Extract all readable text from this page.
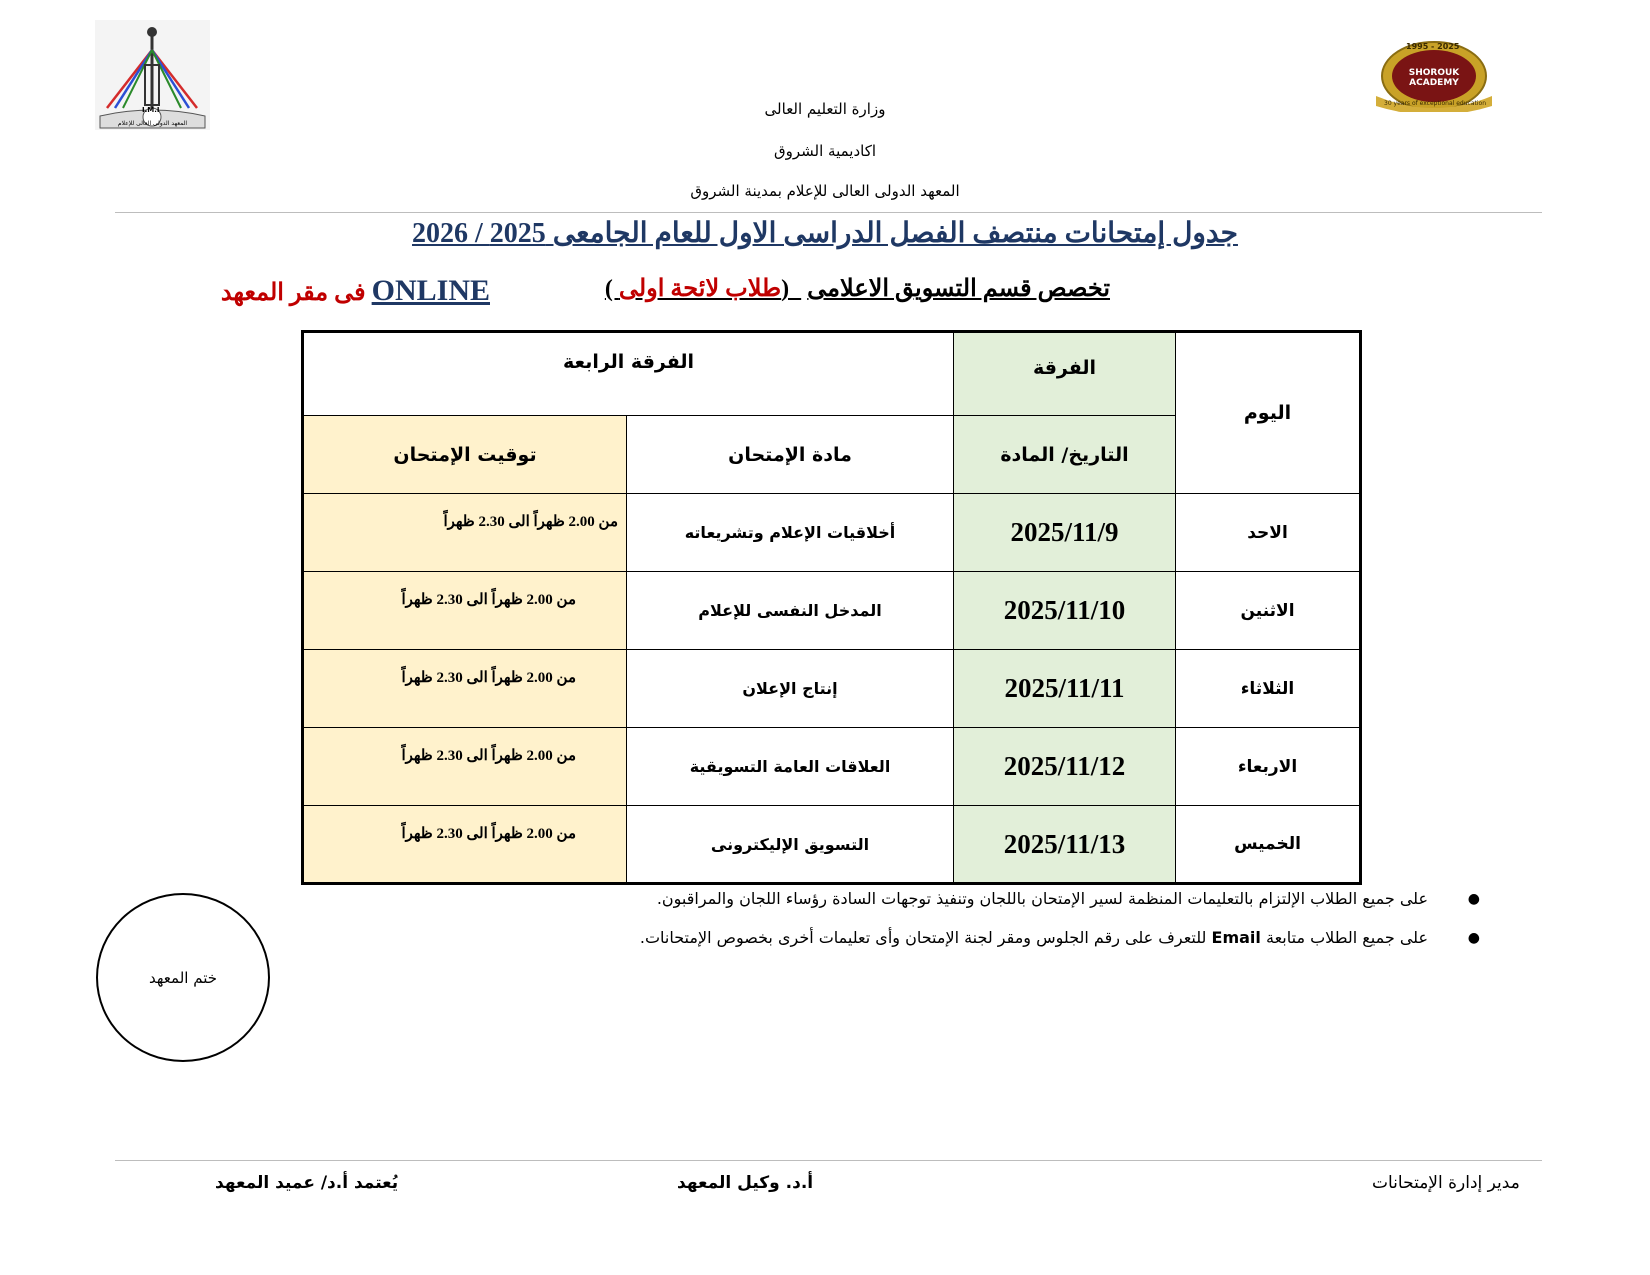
I.M.I
المعهد الدولى العالى للإعلام
1995 - 2025
SHOROUK ACADEMY
30 years of exceptional education
وزارة التعليم العالى
اكاديمية الشروق
المعهد الدولى العالى للإعلام بمدينة الشروق
جدول إمتحانات منتصف الفصل الدراسى الاول للعام الجامعى 2025 / 2026
تخصص قسم التسويق الاعلامى   (طلاب لائحة اولى )
ONLINE فى مقر المعهد
اليوم	الفرقة	الفرقة الرابعة	
	التاريخ/ المادة	مادة الإمتحان	توقيت الإمتحان
الاحد	2025/11/9	أخلاقيات الإعلام وتشريعاته	من 2.00 ظهراً الى 2.30 ظهراً
الاثنين	2025/11/10	المدخل النفسى للإعلام	من 2.00 ظهراً الى 2.30 ظهراً
الثلاثاء	2025/11/11	إنتاج الإعلان	من 2.00 ظهراً الى 2.30 ظهراً
الاربعاء	2025/11/12	العلاقات العامة التسويقية	من 2.00 ظهراً الى 2.30 ظهراً
الخميس	2025/11/13	التسويق الإليكترونى	من 2.00 ظهراً الى 2.30 ظهراً
●
على جميع الطلاب الإلتزام بالتعليمات المنظمة لسير الإمتحان باللجان وتنفيذ توجهات السادة رؤساء اللجان والمراقبون.
●
على جميع الطلاب متابعة Email للتعرف على رقم الجلوس ومقر لجنة الإمتحان وأى تعليمات أخرى بخصوص الإمتحانات.
ختم المعهد
مدير إدارة الإمتحانات
أ.د. وكيل المعهد
يُعتمد أ.د/ عميد المعهد
